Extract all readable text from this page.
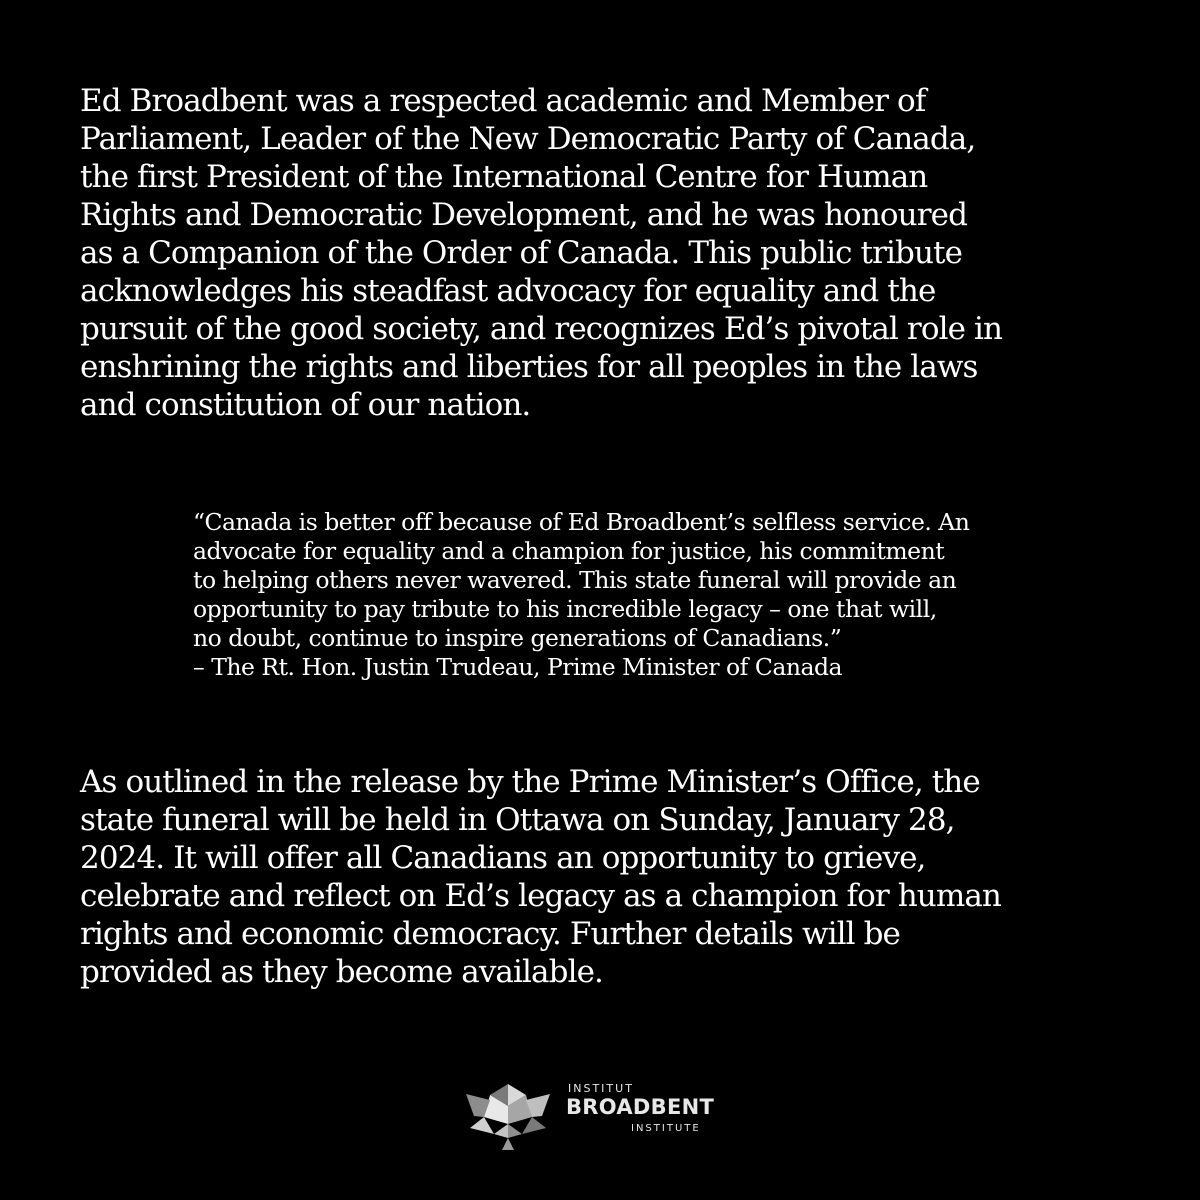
Ed Broadbent was a respected academic and Member of
Parliament, Leader of the New Democratic Party of Canada,
the first President of the International Centre for Human
Rights and Democratic Development, and he was honoured
as a Companion of the Order of Canada. This public tribute
acknowledges his steadfast advocacy for equality and the
pursuit of the good society, and recognizes Ed’s pivotal role in
enshrining the rights and liberties for all peoples in the laws
and constitution of our nation.
“Canada is better off because of Ed Broadbent’s selfless service. An
advocate for equality and a champion for justice, his commitment
to helping others never wavered. This state funeral will provide an
opportunity to pay tribute to his incredible legacy – one that will,
no doubt, continue to inspire generations of Canadians.”
– The Rt. Hon. Justin Trudeau, Prime Minister of Canada
As outlined in the release by the Prime Minister’s Office, the
state funeral will be held in Ottawa on Sunday, January 28,
2024. It will offer all Canadians an opportunity to grieve,
celebrate and reflect on Ed’s legacy as a champion for human
rights and economic democracy. Further details will be
provided as they become available.
INSTITUT
BROADBENT
INSTITUTE
